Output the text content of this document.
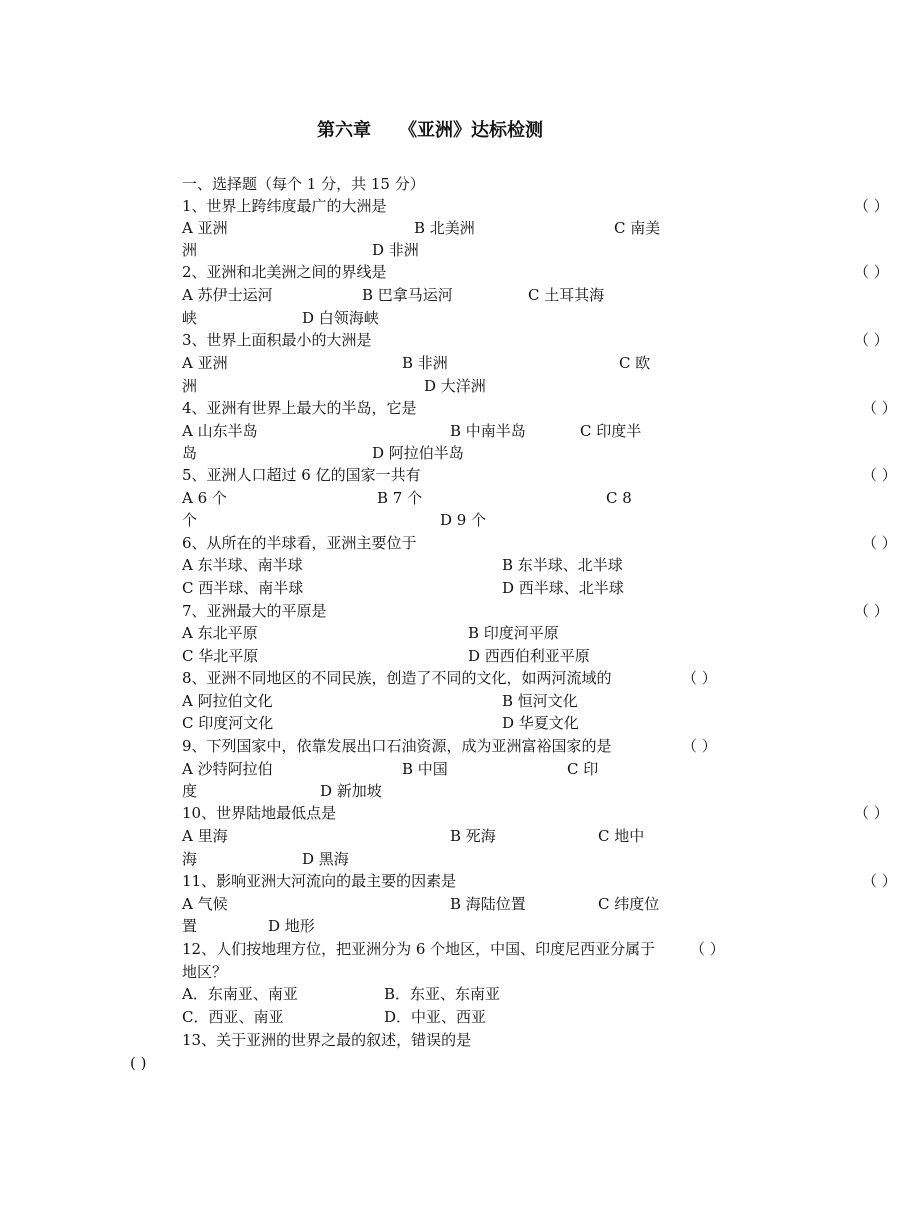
第六章 《亚洲》达标检测
一、选择题（每个 1 分，共 15 分）
1、世界上跨纬度最广的大洲是	（ ）
A 亚洲	B 北美洲	C 南美
洲	D 非洲
2、亚洲和北美洲之间的界线是	（ ）
A 苏伊士运河	B 巴拿马运河	C 土耳其海
峡	D 白领海峡
3、世界上面积最小的大洲是	（ ）
A 亚洲	B 非洲	C 欧
洲	D 大洋洲
4、亚洲有世界上最大的半岛，它是	（ ）
A 山东半岛	B 中南半岛	C 印度半
岛	D 阿拉伯半岛
5、亚洲人口超过 6 亿的国家一共有	（ ）
A 6 个	B 7 个	C 8
个	D 9 个
6、从所在的半球看，亚洲主要位于	（ ）
A 东半球、南半球	B 东半球、北半球
C 西半球、南半球	D 西半球、北半球
7、亚洲最大的平原是	（ ）
A 东北平原	B 印度河平原
C 华北平原	D 西西伯利亚平原
8、亚洲不同地区的不同民族，创造了不同的文化，如两河流域的	（ ）
A 阿拉伯文化	B 恒河文化
C 印度河文化	D 华夏文化
9、下列国家中，依靠发展出口石油资源，成为亚洲富裕国家的是	（ ）
A 沙特阿拉伯	B 中国	C 印
度	D 新加坡
10、世界陆地最低点是	（ ）
A 里海	B 死海	C 地中
海	D 黑海
11、影响亚洲大河流向的最主要的因素是	（ ）
A 气候	B 海陆位置	C 纬度位
置	D 地形
12、人们按地理方位，把亚洲分为 6 个地区，中国、印度尼西亚分属于 （ ）
地区？
A．东南亚、南亚	B．东亚、东南亚
C．西亚、南亚	D．中亚、西亚
13、关于亚洲的世界之最的叙述，错误的是
( )
